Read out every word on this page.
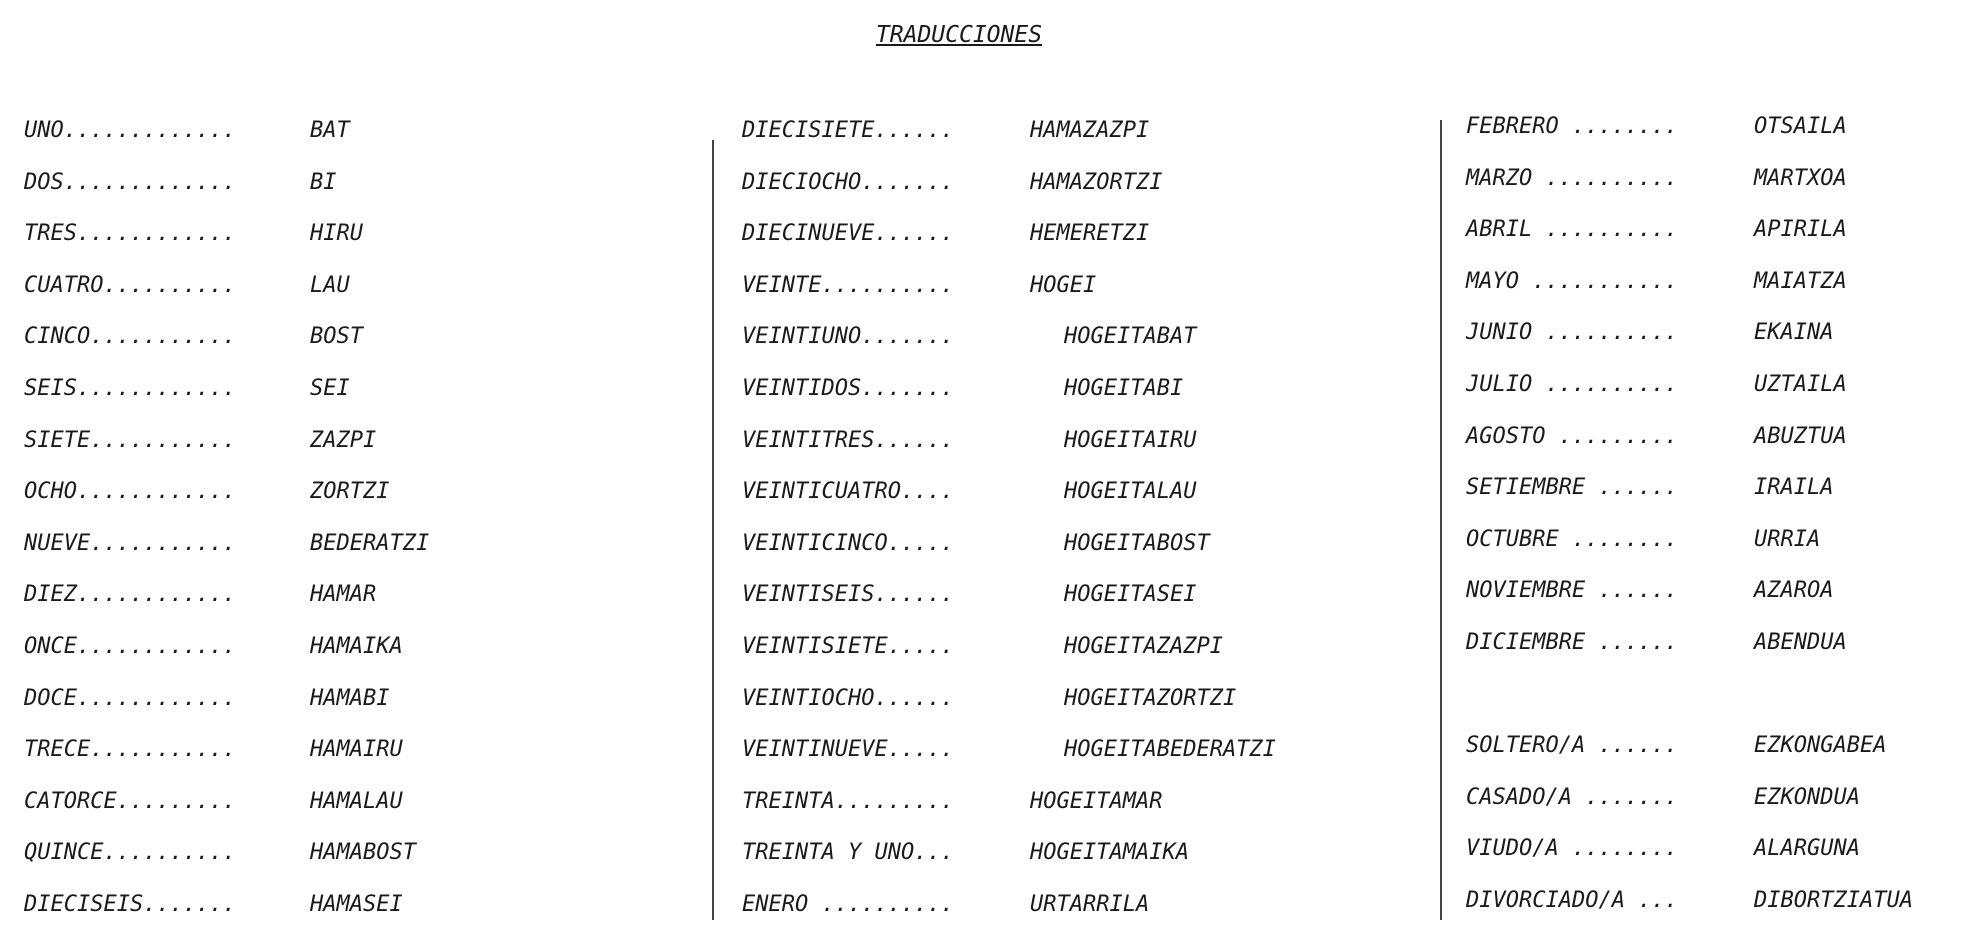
TRADUCCIONES
UNO.............	BAT
DOS.............	BI
TRES............	HIRU
CUATRO..........	LAU
CINCO...........	BOST
SEIS............	SEI
SIETE...........	ZAZPI
OCHO............	ZORTZI
NUEVE...........	BEDERATZI
DIEZ............	HAMAR
ONCE............	HAMAIKA
DOCE............	HAMABI
TRECE...........	HAMAIRU
CATORCE.........	HAMALAU
QUINCE..........	HAMABOST
DIECISEIS.......	HAMASEI
DIECISIETE......	HAMAZAZPI
DIECIOCHO.......	HAMAZORTZI
DIECINUEVE......	HEMERETZI
VEINTE..........	HOGEI
VEINTIUNO.......	HOGEITABAT
VEINTIDOS.......	HOGEITABI
VEINTITRES......	HOGEITAIRU
VEINTICUATRO....	HOGEITALAU
VEINTICINCO.....	HOGEITABOST
VEINTISEIS......	HOGEITASEI
VEINTISIETE.....	HOGEITAZAZPI
VEINTIOCHO......	HOGEITAZORTZI
VEINTINUEVE.....	HOGEITABEDERATZI
TREINTA.........	HOGEITAMAR
TREINTA Y UNO...	HOGEITAMAIKA
ENERO ..........	URTARRILA
FEBRERO ........	OTSAILA
MARZO ..........	MARTXOA
ABRIL ..........	APIRILA
MAYO ...........	MAIATZA
JUNIO ..........	EKAINA
JULIO ..........	UZTAILA
AGOSTO .........	ABUZTUA
SETIEMBRE ......	IRAILA
OCTUBRE ........	URRIA
NOVIEMBRE ......	AZAROA
DICIEMBRE ......	ABENDUA
SOLTERO/A ......	EZKONGABEA
CASADO/A .......	EZKONDUA
VIUDO/A ........	ALARGUNA
DIVORCIADO/A ...	DIBORTZIATUA
